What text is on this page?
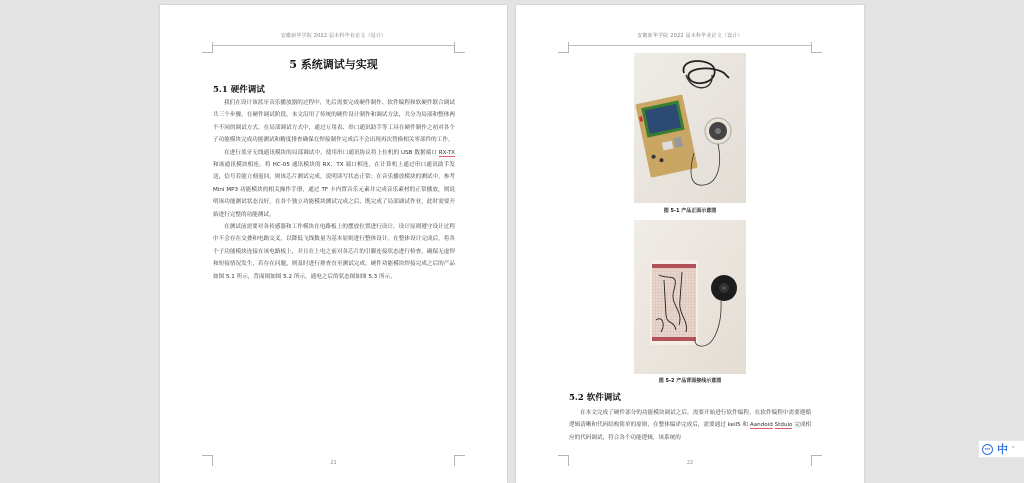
安徽新华学院 2022 届本科毕业论文（设计）
5 系统调试与实现
5.1 硬件调试

我们在设计该蓝牙音乐播放器的过程中，先后需要完成硬件制作、软件编程和软硬件联合调试共三个步骤。在硬件调试阶段，本文沿用了传统的硬件设计制作和调试方法，共分为局部和整体两个不同的调试方式。在局部调试方式中，通过万用表、串口通讯助手等工具在硬件制作之初对各个子功能模块完成功能测试和精度排查确保在焊接制作完成后不会出现再次替换相关零部件的工作。

在进行蓝牙无线通讯模块的局部调试中，使用串口通讯协议将上位机的 USB 数据端口 RX-TX 和该通讯模块相连，将 HC-05 通讯模块的 RX、TX 端口相连，在计算机上通过串口通讯助手发送，信号若能立刻返回，则该芯片测试完成，说明读写状态正常；在音乐播放模块的测试中，参考 Mini MP3 功能模块的相关操作手册，通过 TF 卡内置音乐元素并完成音乐素材的正常播放，则说明该功能测试状态良好。在各个独立功能模块测试完成之后，既完成了局部调试作业，此时需要开始进行完整的功能测试。

在测试前需要对各传感器和工作模块在电路板上的摆放位置进行设计，设计原则遵守设计过程中不会存在交叠和电路交叉，以降低飞线数量为基本原则进行整体设计。在整体设计完成后，将各个子功能模块连接在该电路板上，并且在上电之前对各芯片的引脚连接状态进行检查，确保无虚焊和短接情况发生，若存在问题，则及时进行排查直至测试完成。硬件功能模块焊接完成之后的产品如图 5.1 所示，背面图如图 5.2 所示，通电之后的状态图如图 5.3 所示。

21
安徽新华学院 2022 届本科毕业论文（设计）
图 5-1 产品正面示意图
图 5-2 产品背面接线示意图
5.2 软件调试

在本文完成了硬件部分的功能模块调试之后，需要开始进行软件编程。在软件编程中需要遵循逻辑清晰和代码结构简单的原则，在整体编译完成后，需要通过 keil5 和 Aandoid Stduio 完成相应的代码调试，符合各个功能逻辑，该系统的

22
PLT 中 '
